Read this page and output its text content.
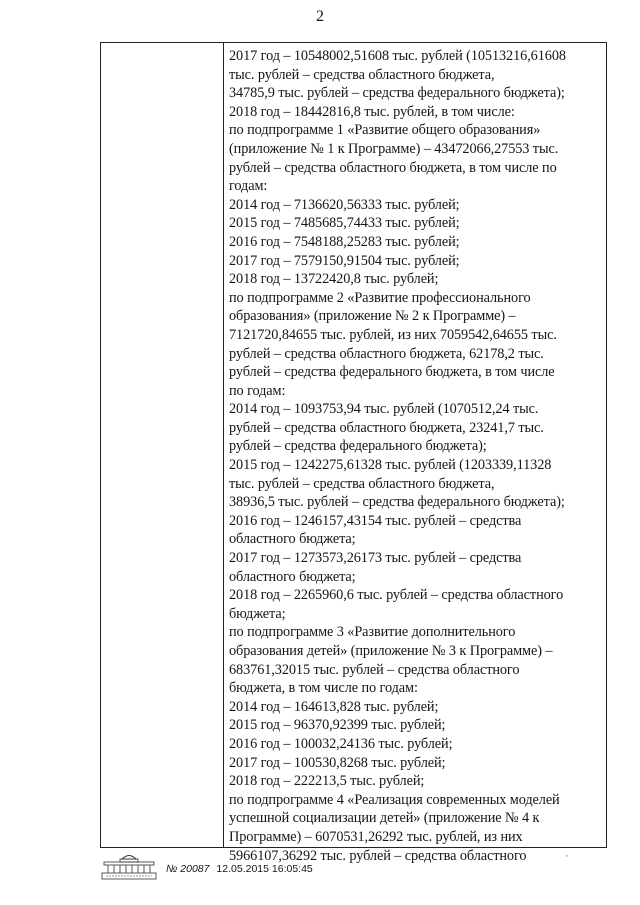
2
2017 год – 10548002,51608 тыс. рублей (10513216,61608
тыс. рублей – средства областного бюджета,
34785,9 тыс. рублей – средства федерального бюджета);
2018 год – 18442816,8 тыс. рублей, в том числе:
по подпрограмме 1 «Развитие общего образования»
(приложение № 1 к Программе) – 43472066,27553 тыс.
рублей – средства областного бюджета, в том числе по
годам:
2014 год – 7136620,56333 тыс. рублей;
2015 год – 7485685,74433 тыс. рублей;
2016 год – 7548188,25283 тыс. рублей;
2017 год – 7579150,91504 тыс. рублей;
2018 год – 13722420,8 тыс. рублей;
по подпрограмме 2 «Развитие профессионального
образования» (приложение № 2 к Программе) –
7121720,84655 тыс. рублей, из них 7059542,64655 тыс.
рублей – средства областного бюджета, 62178,2 тыс.
рублей – средства федерального бюджета, в том числе
по годам:
2014 год – 1093753,94 тыс. рублей (1070512,24 тыс.
рублей – средства областного бюджета, 23241,7 тыс.
рублей – средства федерального бюджета);
2015 год – 1242275,61328 тыс. рублей (1203339,11328
тыс. рублей – средства областного бюджета,
38936,5 тыс. рублей – средства федерального бюджета);
2016 год – 1246157,43154 тыс. рублей – средства
областного бюджета;
2017 год – 1273573,26173 тыс. рублей – средства
областного бюджета;
2018 год – 2265960,6 тыс. рублей – средства областного
бюджета;
по подпрограмме 3 «Развитие дополнительного
образования детей» (приложение № 3 к Программе) –
683761,32015 тыс. рублей – средства областного
бюджета, в том числе по годам:
2014 год – 164613,828 тыс. рублей;
2015 год – 96370,92399 тыс. рублей;
2016 год – 100032,24136 тыс. рублей;
2017 год – 100530,8268 тыс. рублей;
2018 год – 222213,5 тыс. рублей;
по подпрограмме 4 «Реализация современных моделей
успешной социализации детей» (приложение № 4 к
Программе) – 6070531,26292 тыс. рублей, из них
5966107,36292 тыс. рублей – средства областного
№ 20087 12.05.2015 16:05:45
·
